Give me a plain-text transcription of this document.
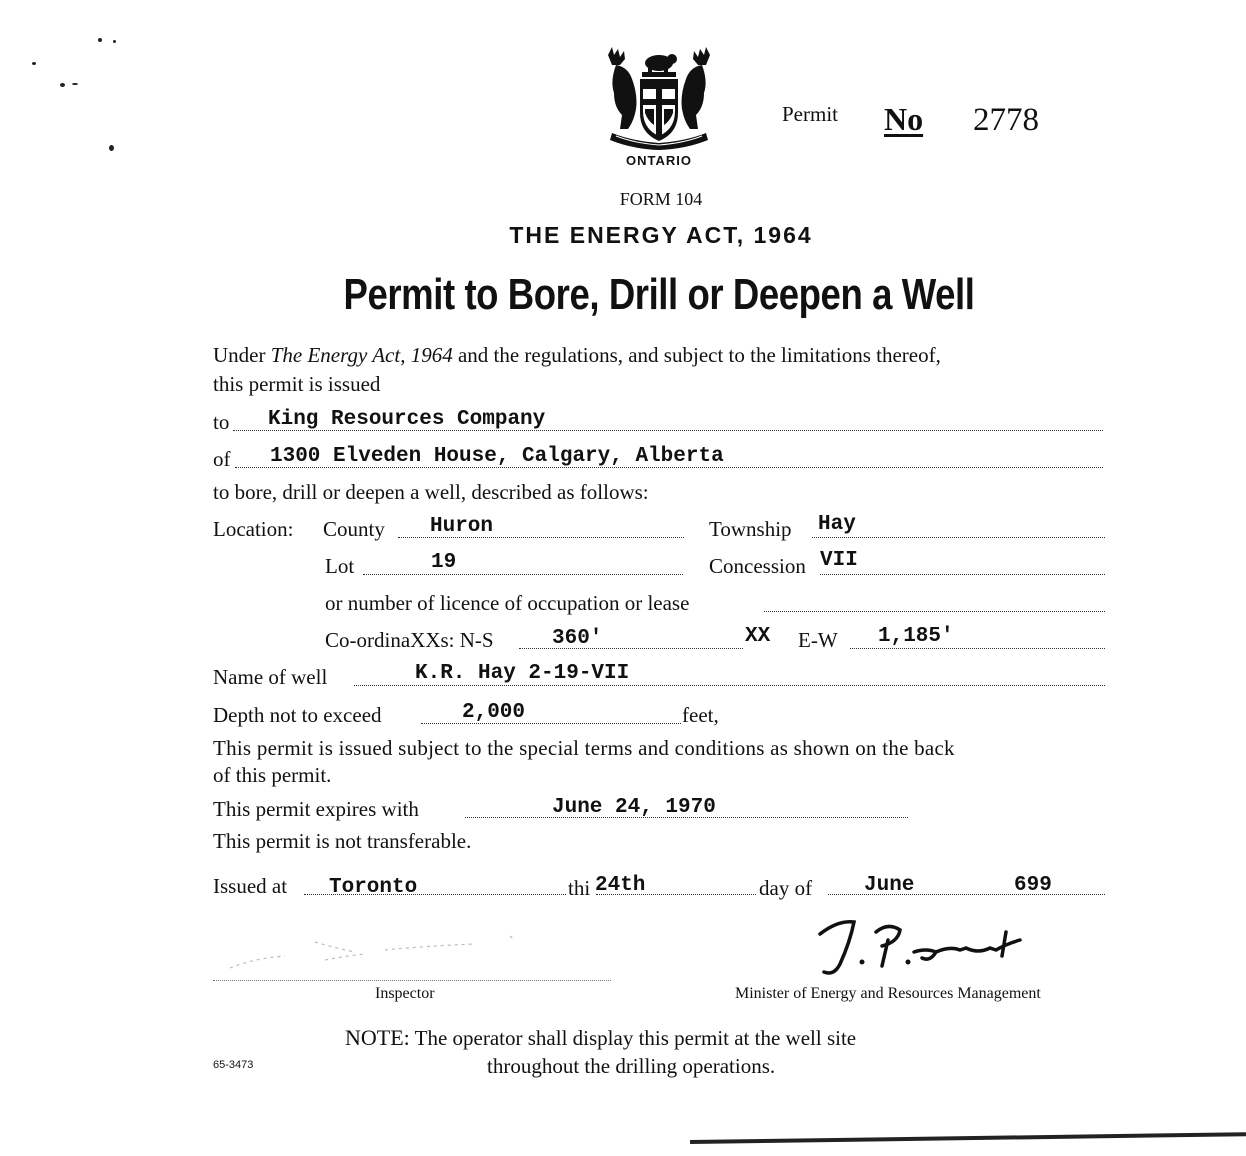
ONTARIO
Permit No 2778
FORM 104
THE ENERGY ACT, 1964
Permit to Bore, Drill or Deepen a Well
Under The Energy Act, 1964 and the regulations, and subject to the limitations thereof,
this permit is issued
to King Resources Company
of 1300 Elveden House, Calgary, Alberta
to bore, drill or deepen a well, described as follows:
Location: County Huron	Township Hay
Lot	19	Concession VII
or number of licence of occupation or lease
Co-ordinaXXs: N-S	360'	XX E-W 1,185'
Name of well	K.R. Hay 2-19-VII
Depth not to exceed	2,000	feet,
This permit is issued subject to the special terms and conditions as shown on the back
of this permit.
This permit expires with	June 24, 1970
This permit is not transferable.
Issued at Toronto	thi 24th	day of June	699
Inspector	Minister of Energy and Resources Management
NOTE: The operator shall display this permit at the well site
throughout the drilling operations.
65-3473
